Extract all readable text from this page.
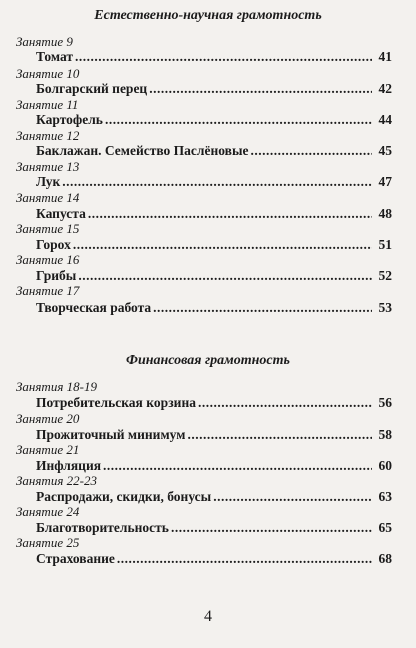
Естественно-научная грамотность
Занятие 9
Томат .....	41
Занятие 10
Болгарский перец .....	42
Занятие 11
Картофель .....	44
Занятие 12
Баклажан. Семейство Паслёновые .....	45
Занятие 13
Лук .....	47
Занятие 14
Капуста .....	48
Занятие 15
Горох .....	51
Занятие 16
Грибы .....	52
Занятие 17
Творческая работа .....	53
Финансовая грамотность
Занятия 18-19
Потребительская корзина .....	56
Занятие 20
Прожиточный минимум .....	58
Занятие 21
Инфляция .....	60
Занятия 22-23
Распродажи, скидки, бонусы .....	63
Занятие 24
Благотворительность .....	65
Занятие 25
Страхование .....	68
4
